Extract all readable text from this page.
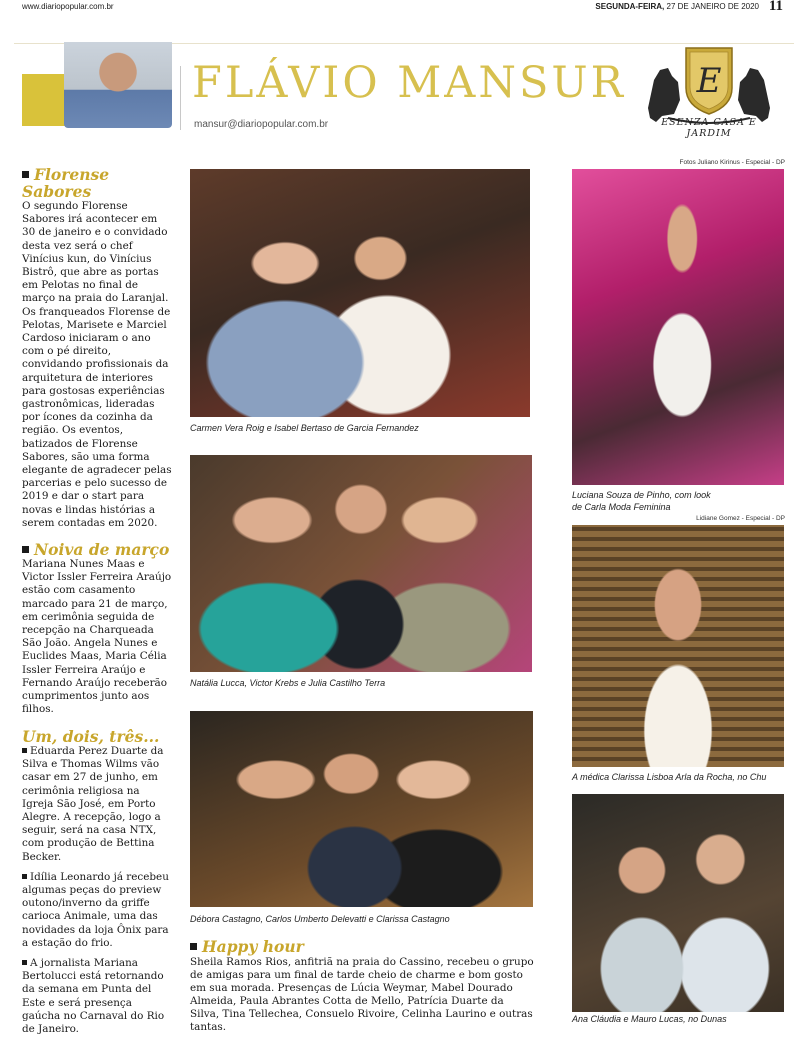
www.diariopopular.com.br	SEGUNDA-FEIRA, 27 DE JANEIRO DE 2020 11
FLÁVIO MANSUR
mansur@diariopopular.com.br
E
ESENZA CASA E JARDIM
Florense Sabores

O segundo Florense Sabores irá acontecer em 30 de janeiro e o convidado desta vez será o chef Vinícius kun, do Vinícius Bistrô, que abre as portas em Pelotas no final de março na praia do Laranjal. Os franqueados Florense de Pelotas, Marisete e Marciel Cardoso iniciaram o ano com o pé direito, convidando profissionais da arquitetura de interiores para gostosas experiências gastronômicas, lideradas por ícones da cozinha da região. Os eventos, batizados de Florense Sabores, são uma forma elegante de agradecer pelas parcerias e pelo sucesso de 2019 e dar o start para novas e lindas histórias a serem contadas em 2020.

Noiva de março

Mariana Nunes Maas e Victor Issler Ferreira Araújo estão com casamento marcado para 21 de março, em cerimônia seguida de recepção na Charqueada São João. Angela Nunes e Euclides Maas, Maria Célia Issler Ferreira Araújo e Fernando Araújo receberão cumprimentos junto aos filhos.

Um, dois, três...

Eduarda Perez Duarte da Silva e Thomas Wilms vão casar em 27 de junho, em cerimônia religiosa na Igreja São José, em Porto Alegre. A recepção, logo a seguir, será na casa NTX, com produção de Bettina Becker.

Idília Leonardo já recebeu algumas peças do preview outono/inverno da griffe carioca Animale, uma das novidades da loja Ônix para a estação do frio.

A jornalista Mariana Bertolucci está retornando da semana em Punta del Este e será presença gaúcha no Carnaval do Rio de Janeiro.

Carmen Vera Roig e Isabel Bertaso de Garcia Fernandez
Natália Lucca, Victor Krebs e Julia Castilho Terra
Débora Castagno, Carlos Umberto Delevatti e Clarissa Castagno
Fotos Juliano Kirinus - Especial - DP
Luciana Souza de Pinho, com look
de Carla Moda Feminina
Lidiane Gomez - Especial - DP
A médica Clarissa Lisboa Arla da Rocha, no Chu
Ana Cláudia e Mauro Lucas, no Dunas
Happy hour

Sheila Ramos Rios, anfitriã na praia do Cassino, recebeu o grupo de amigas para um final de tarde cheio de charme e bom gosto em sua morada. Presenças de Lúcia Weymar, Mabel Dourado Almeida, Paula Abrantes Cotta de Mello, Patrícia Duarte da Silva, Tina Tellechea, Consuelo Rivoire, Celinha Laurino e outras tantas.
